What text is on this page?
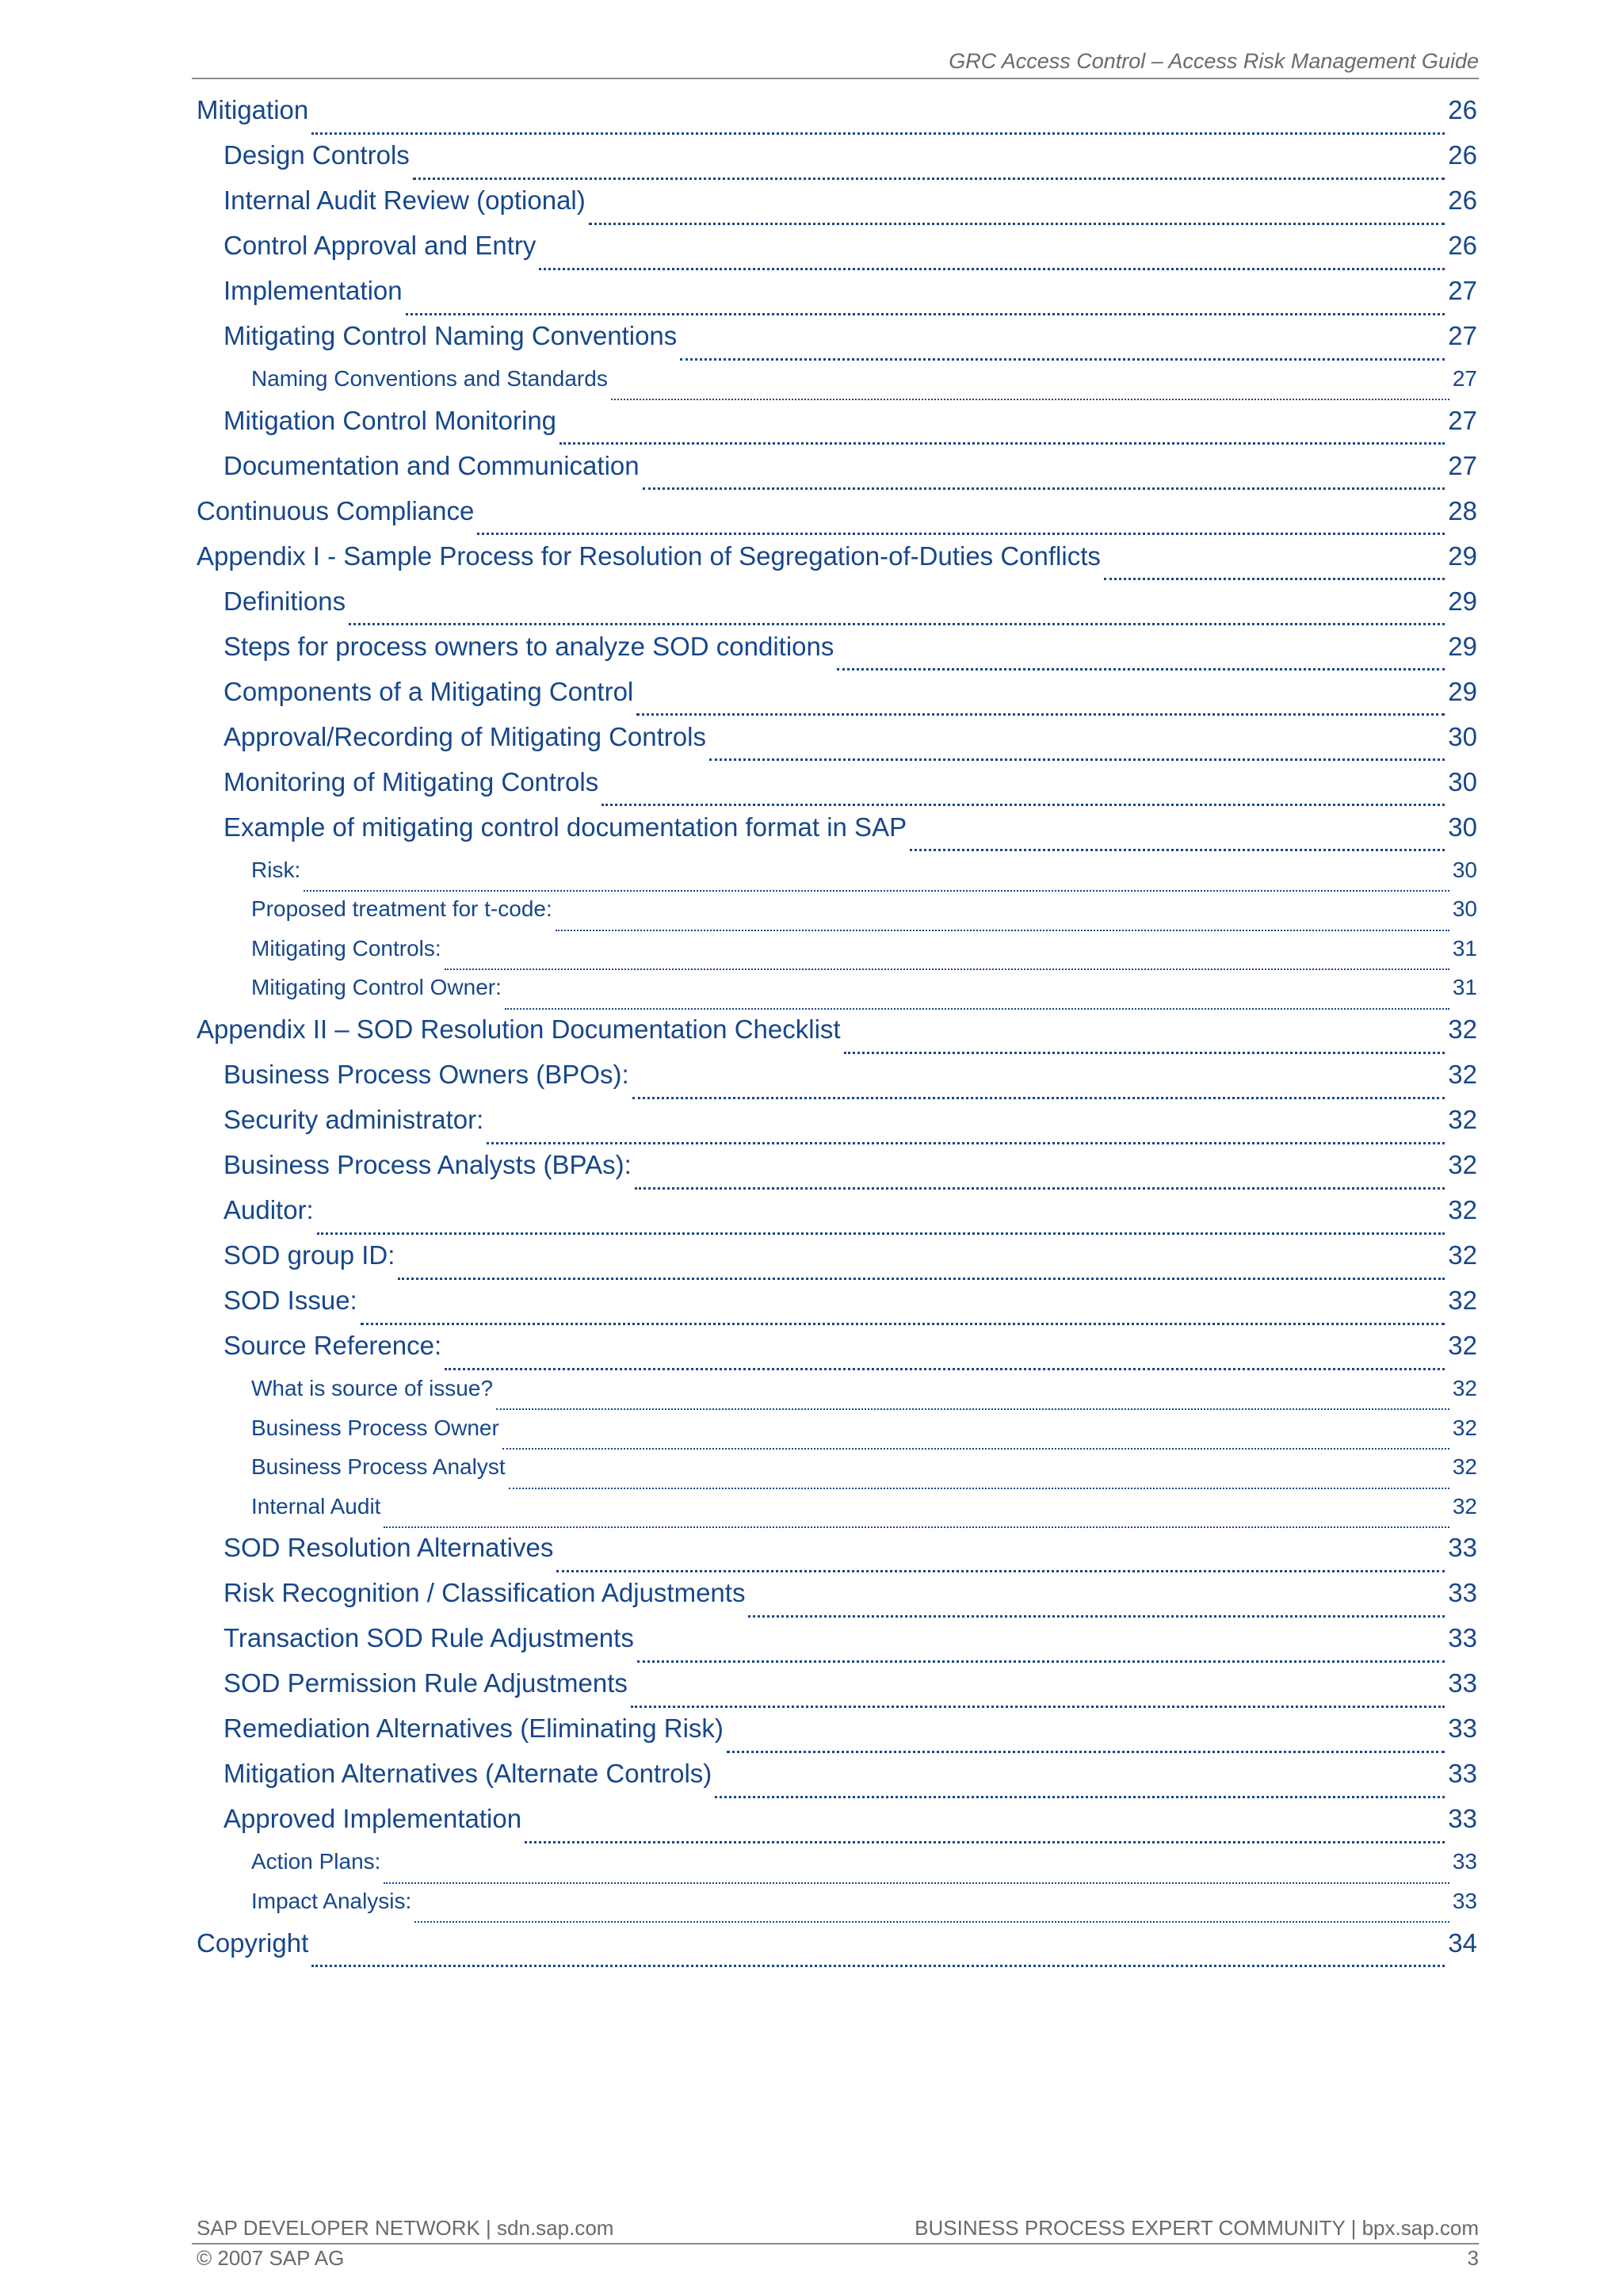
GRC Access Control – Access Risk Management Guide
Mitigation	26
Design Controls	26
Internal Audit Review (optional)	26
Control Approval and Entry	26
Implementation	27
Mitigating Control Naming Conventions	27
Naming Conventions and Standards	27
Mitigation Control Monitoring	27
Documentation and Communication	27
Continuous Compliance	28
Appendix I - Sample Process for Resolution of Segregation-of-Duties Conflicts	29
Definitions	29
Steps for process owners to analyze SOD conditions	29
Components of a Mitigating Control	29
Approval/Recording of Mitigating Controls	30
Monitoring of Mitigating Controls	30
Example of mitigating control documentation format in SAP	30
Risk:	30
Proposed treatment for t-code:	30
Mitigating Controls:	31
Mitigating Control Owner:	31
Appendix II – SOD Resolution Documentation Checklist	32
Business Process Owners (BPOs):	32
Security administrator:	32
Business Process Analysts (BPAs):	32
Auditor:	32
SOD group ID:	32
SOD Issue:	32
Source Reference:	32
What is source of issue?	32
Business Process Owner	32
Business Process Analyst	32
Internal Audit	32
SOD Resolution Alternatives	33
Risk Recognition / Classification Adjustments	33
Transaction SOD Rule Adjustments	33
SOD Permission Rule Adjustments	33
Remediation Alternatives (Eliminating Risk)	33
Mitigation Alternatives (Alternate Controls)	33
Approved Implementation	33
Action Plans:	33
Impact Analysis:	33
Copyright	34
SAP DEVELOPER NETWORK | sdn.sap.com	BUSINESS PROCESS EXPERT COMMUNITY | bpx.sap.com
© 2007 SAP AG	3
